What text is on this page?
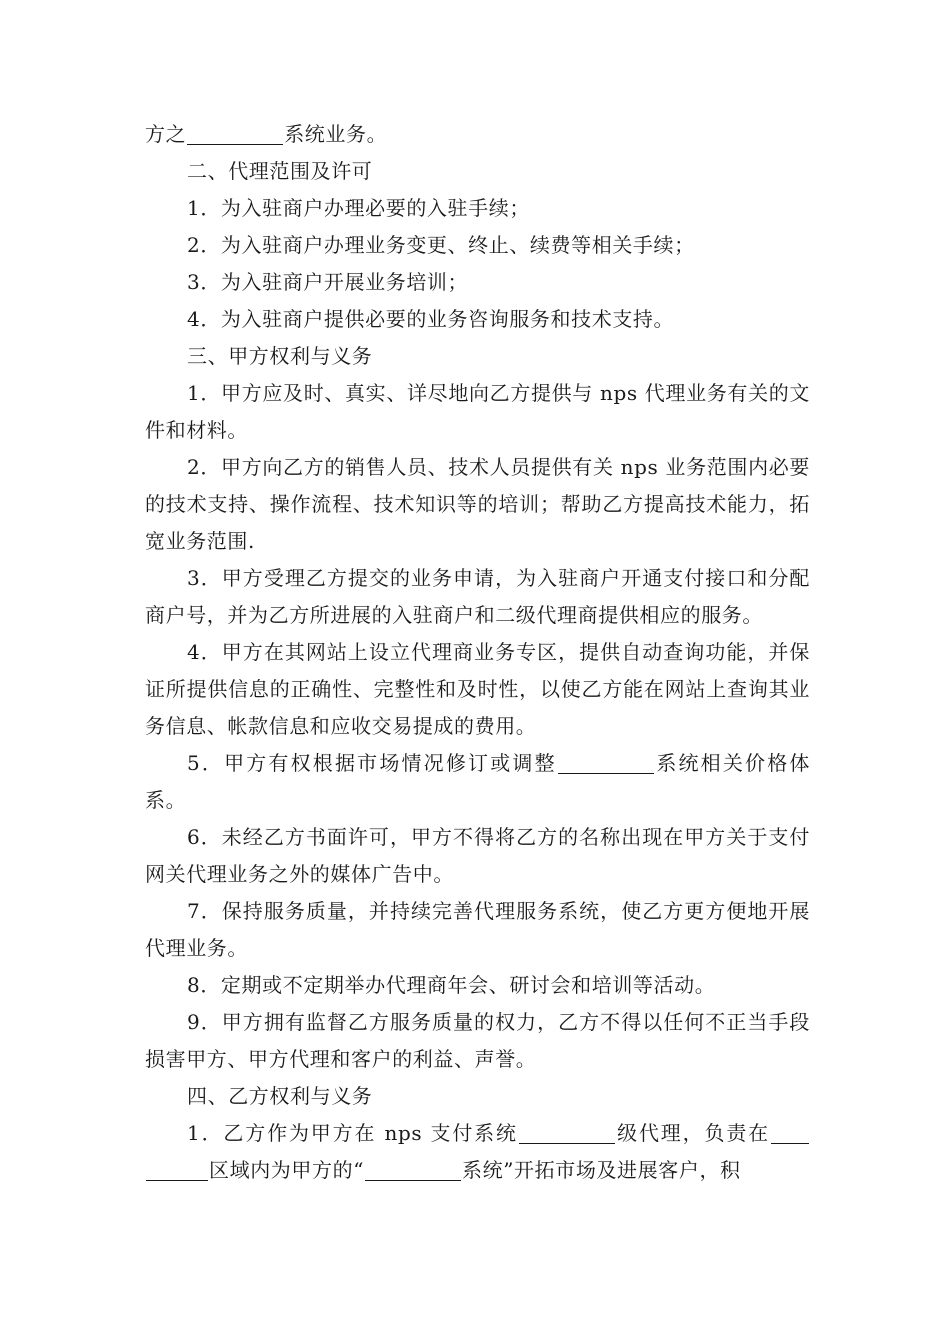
方之	系统业务。

二、代理范围及许可

1．为入驻商户办理必要的入驻手续；

2．为入驻商户办理业务变更、终止、续费等相关手续；

3．为入驻商户开展业务培训；

4．为入驻商户提供必要的业务咨询服务和技术支持。

三、甲方权利与义务

1．甲方应及时、真实、详尽地向乙方提供与 nps 代理业务有关的文件和材料。

2．甲方向乙方的销售人员、技术人员提供有关 nps 业务范围内必要的技术支持、操作流程、技术知识等的培训；帮助乙方提高技术能力，拓宽业务范围.

3．甲方受理乙方提交的业务申请，为入驻商户开通支付接口和分配商户号，并为乙方所进展的入驻商户和二级代理商提供相应的服务。

4．甲方在其网站上设立代理商业务专区，提供自动查询功能，并保证所提供信息的正确性、完整性和及时性，以使乙方能在网站上查询其业务信息、帐款信息和应收交易提成的费用。

5．甲方有权根据市场情况修订或调整	系统相关价格体系。

6．未经乙方书面许可，甲方不得将乙方的名称出现在甲方关于支付网关代理业务之外的媒体广告中。

7．保持服务质量，并持续完善代理服务系统，使乙方更方便地开展代理业务。

8．定期或不定期举办代理商年会、研讨会和培训等活动。

9．甲方拥有监督乙方服务质量的权力，乙方不得以任何不正当手段损害甲方、甲方代理和客户的利益、声誉。

四、乙方权利与义务

1．乙方作为甲方在 nps 支付系统	级代理，负责在区域内为甲方的“	系统”开拓市场及进展客户，积
